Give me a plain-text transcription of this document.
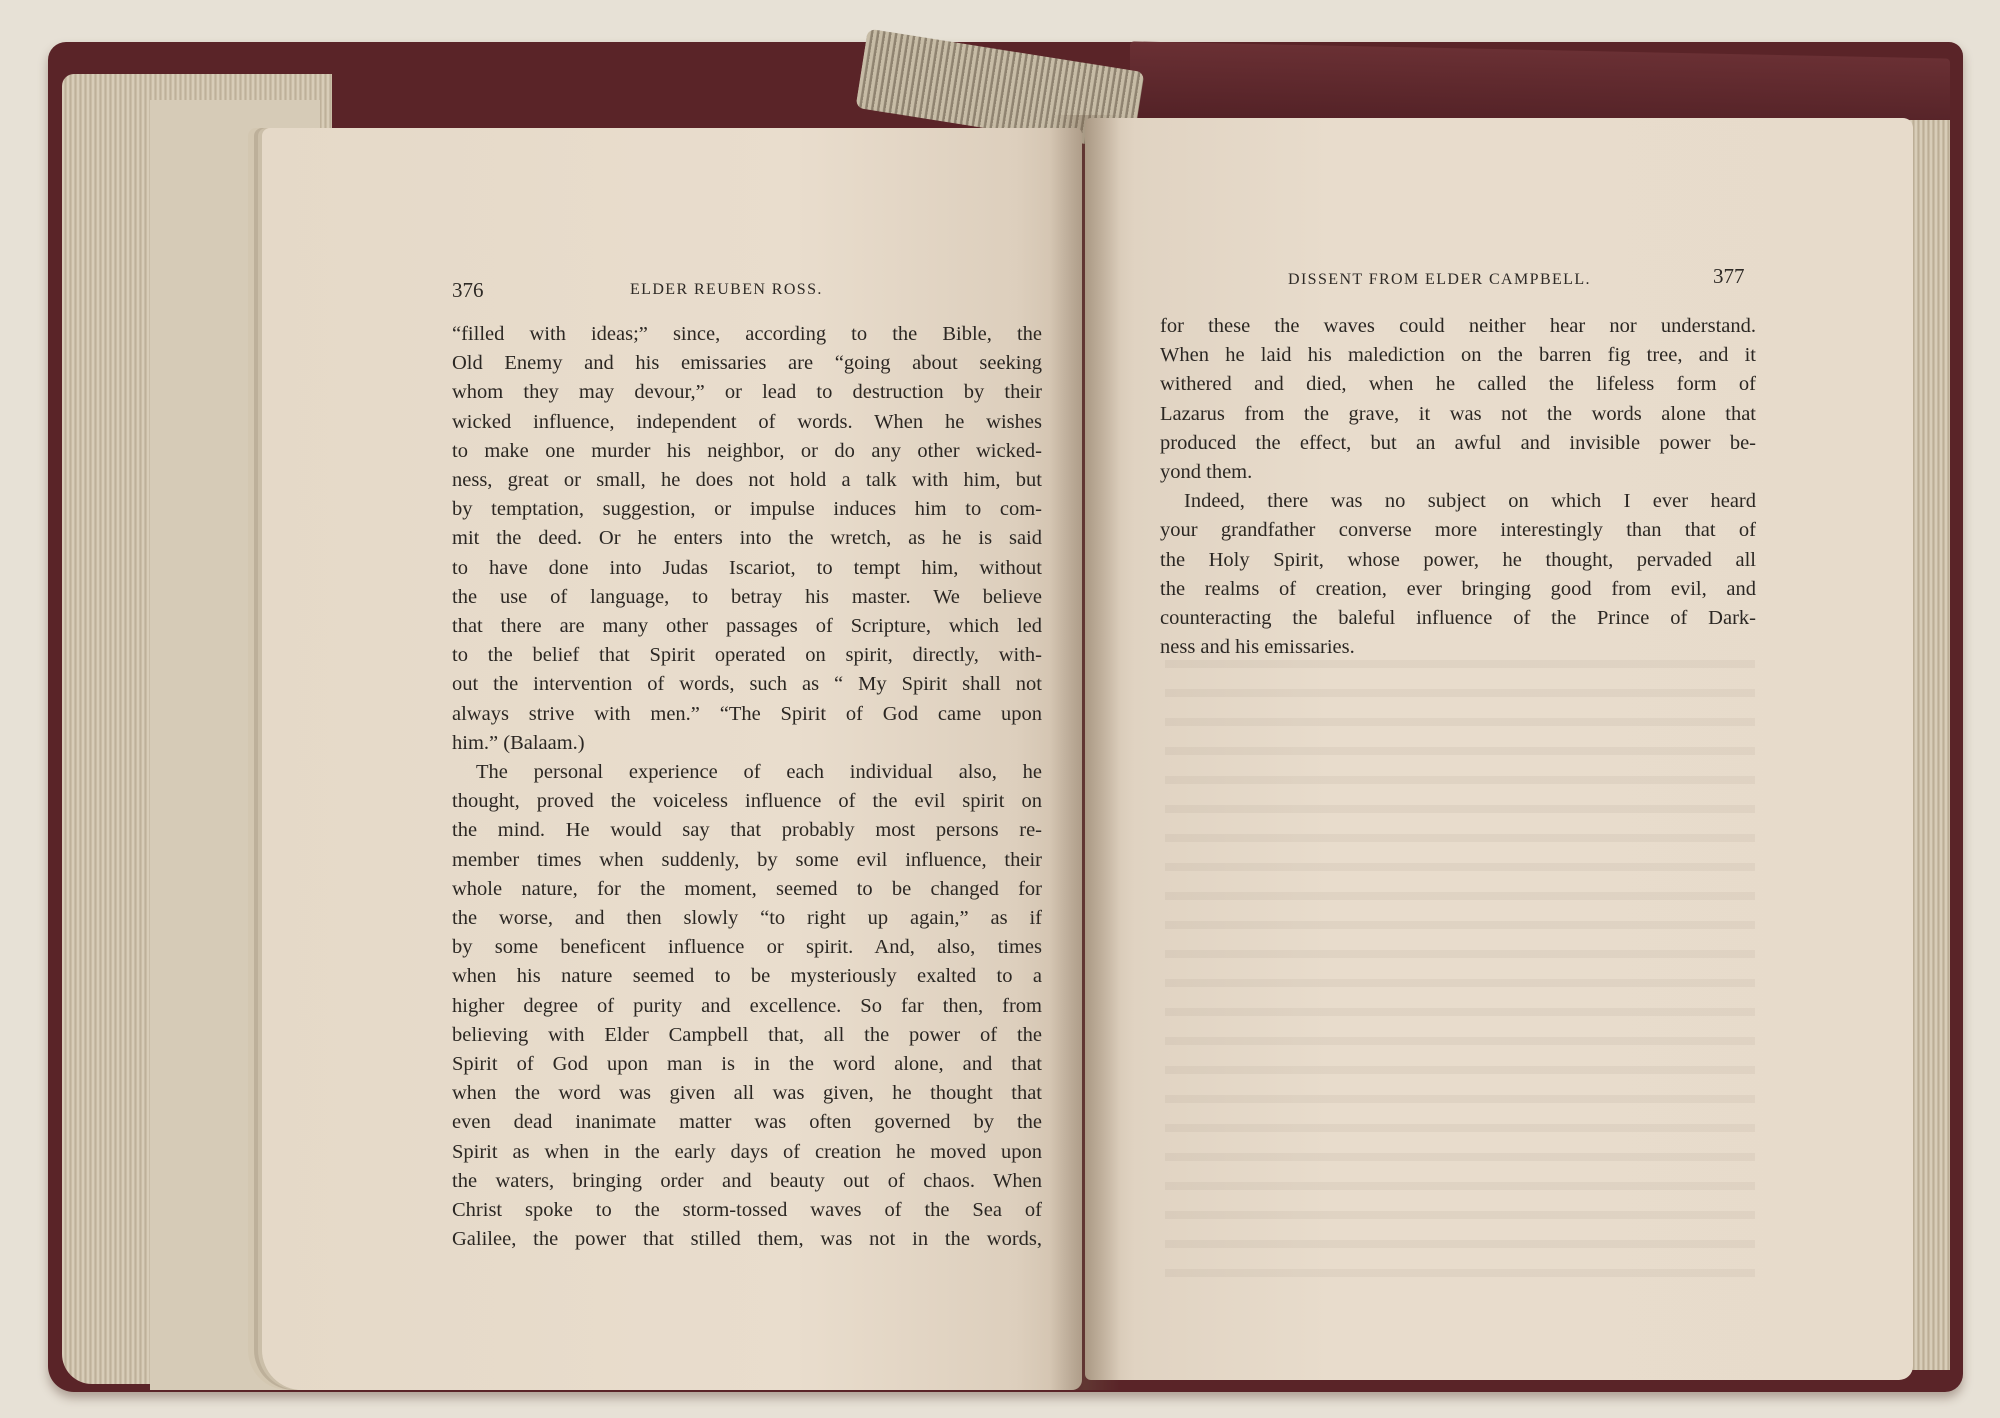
376	ELDER REUBEN ROSS.
DISSENT FROM ELDER CAMPBELL.	377
“filled with ideas;” since, according to the Bible, the
Old Enemy and his emissaries are “going about seeking
whom they may devour,” or lead to destruction by their
wicked influence, independent of words. When he wishes
to make one murder his neighbor, or do any other wicked-
ness, great or small, he does not hold a talk with him, but
by temptation, suggestion, or impulse induces him to com-
mit the deed. Or he enters into the wretch, as he is said
to have done into Judas Iscariot, to tempt him, without
the use of language, to betray his master. We believe
that there are many other passages of Scripture, which led
to the belief that Spirit operated on spirit, directly, with-
out the intervention of words, such as “ My Spirit shall not
always strive with men.” “The Spirit of God came upon
him.” (Balaam.)
The personal experience of each individual also, he
thought, proved the voiceless influence of the evil spirit on
the mind. He would say that probably most persons re-
member times when suddenly, by some evil influence, their
whole nature, for the moment, seemed to be changed for
the worse, and then slowly “to right up again,” as if
by some beneficent influence or spirit. And, also, times
when his nature seemed to be mysteriously exalted to a
higher degree of purity and excellence. So far then, from
believing with Elder Campbell that, all the power of the
Spirit of God upon man is in the word alone, and that
when the word was given all was given, he thought that
even dead inanimate matter was often governed by the
Spirit as when in the early days of creation he moved upon
the waters, bringing order and beauty out of chaos. When
Christ spoke to the storm-tossed waves of the Sea of
Galilee, the power that stilled them, was not in the words,
for these the waves could neither hear nor understand.
When he laid his malediction on the barren fig tree, and it
withered and died, when he called the lifeless form of
Lazarus from the grave, it was not the words alone that
produced the effect, but an awful and invisible power be-
yond them.
Indeed, there was no subject on which I ever heard
your grandfather converse more interestingly than that of
the Holy Spirit, whose power, he thought, pervaded all
the realms of creation, ever bringing good from evil, and
counteracting the baleful influence of the Prince of Dark-
ness and his emissaries.
